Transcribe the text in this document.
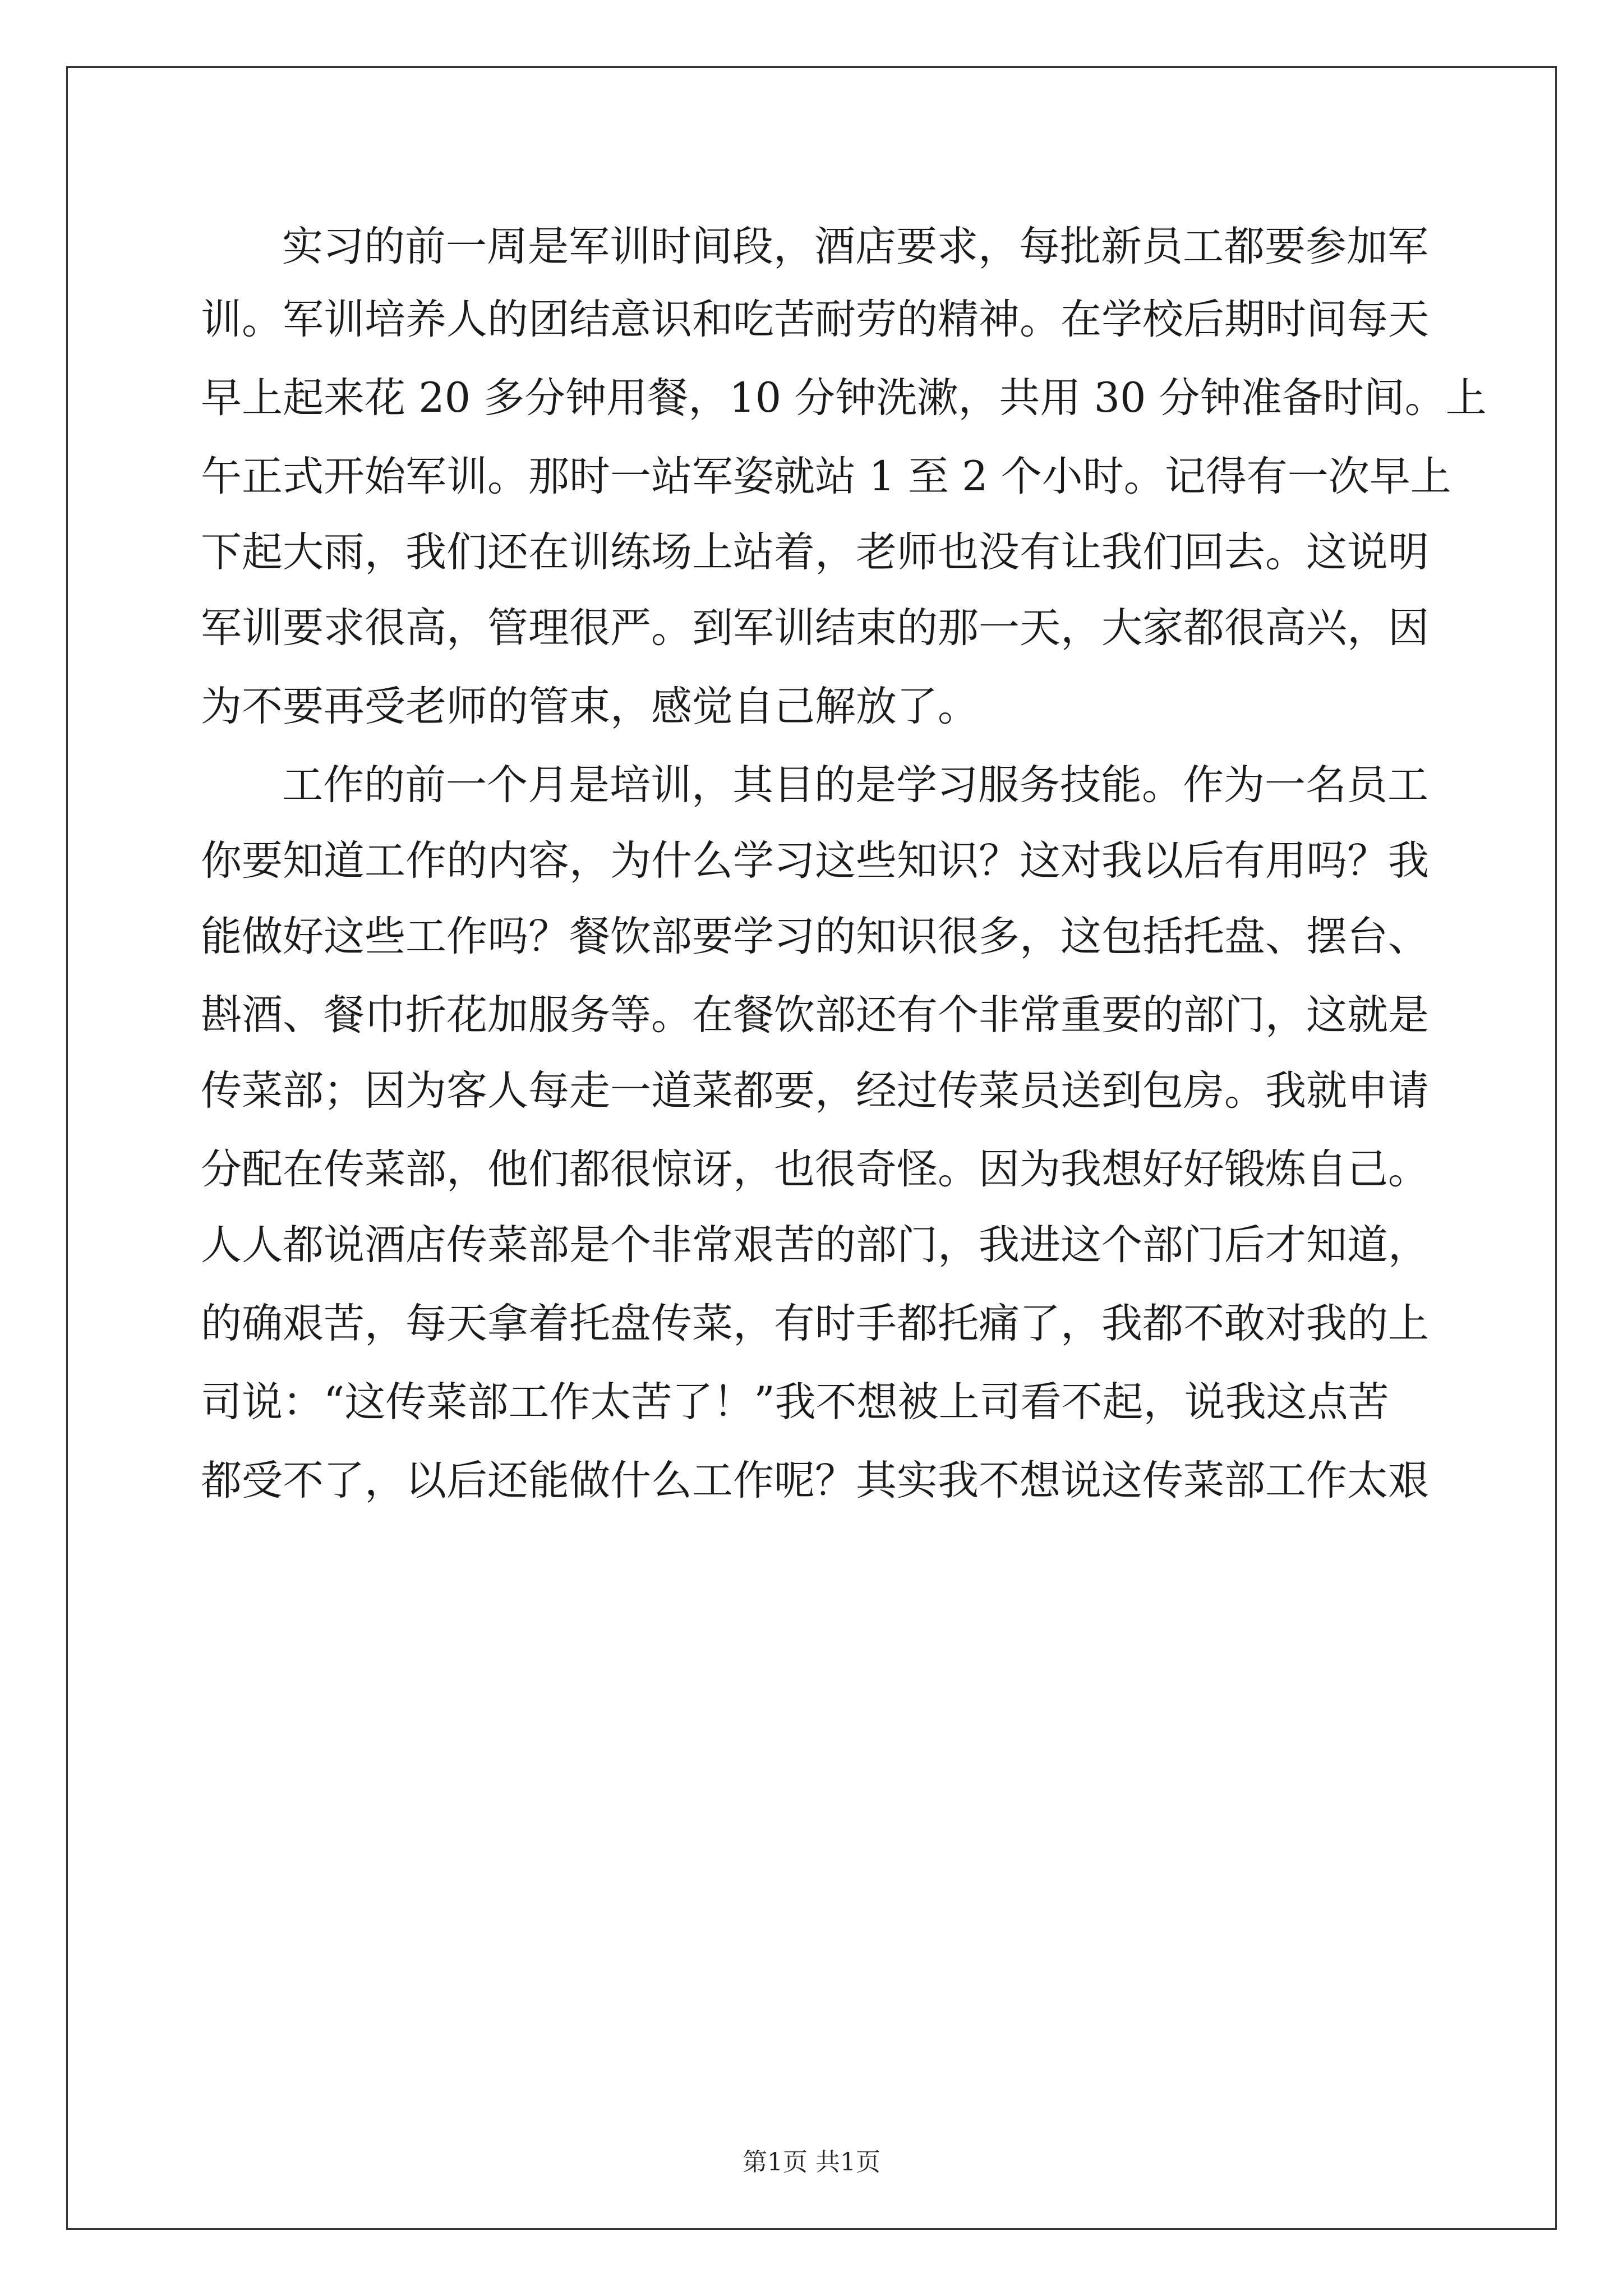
实习的前一周是军训时间段，酒店要求，每批新员工都要参加军
训。军训培养人的团结意识和吃苦耐劳的精神。在学校后期时间每天
早上起来花 20 多分钟用餐，10 分钟洗漱，共用 30 分钟准备时间。上
午正式开始军训。那时一站军姿就站 1 至 2 个小时。记得有一次早上
下起大雨，我们还在训练场上站着，老师也没有让我们回去。这说明
军训要求很高，管理很严。到军训结束的那一天，大家都很高兴，因
为不要再受老师的管束，感觉自己解放了。
工作的前一个月是培训，其目的是学习服务技能。作为一名员工
你要知道工作的内容，为什么学习这些知识？这对我以后有用吗？我
能做好这些工作吗？餐饮部要学习的知识很多，这包括托盘、摆台、
斟酒、餐巾折花加服务等。在餐饮部还有个非常重要的部门，这就是
传菜部；因为客人每走一道菜都要，经过传菜员送到包房。我就申请
分配在传菜部，他们都很惊讶，也很奇怪。因为我想好好锻炼自己。
人人都说酒店传菜部是个非常艰苦的部门，我进这个部门后才知道，
的确艰苦，每天拿着托盘传菜，有时手都托痛了，我都不敢对我的上
司说：“这传菜部工作太苦了！”我不想被上司看不起，说我这点苦
都受不了，以后还能做什么工作呢？其实我不想说这传菜部工作太艰
第1页 共1页
